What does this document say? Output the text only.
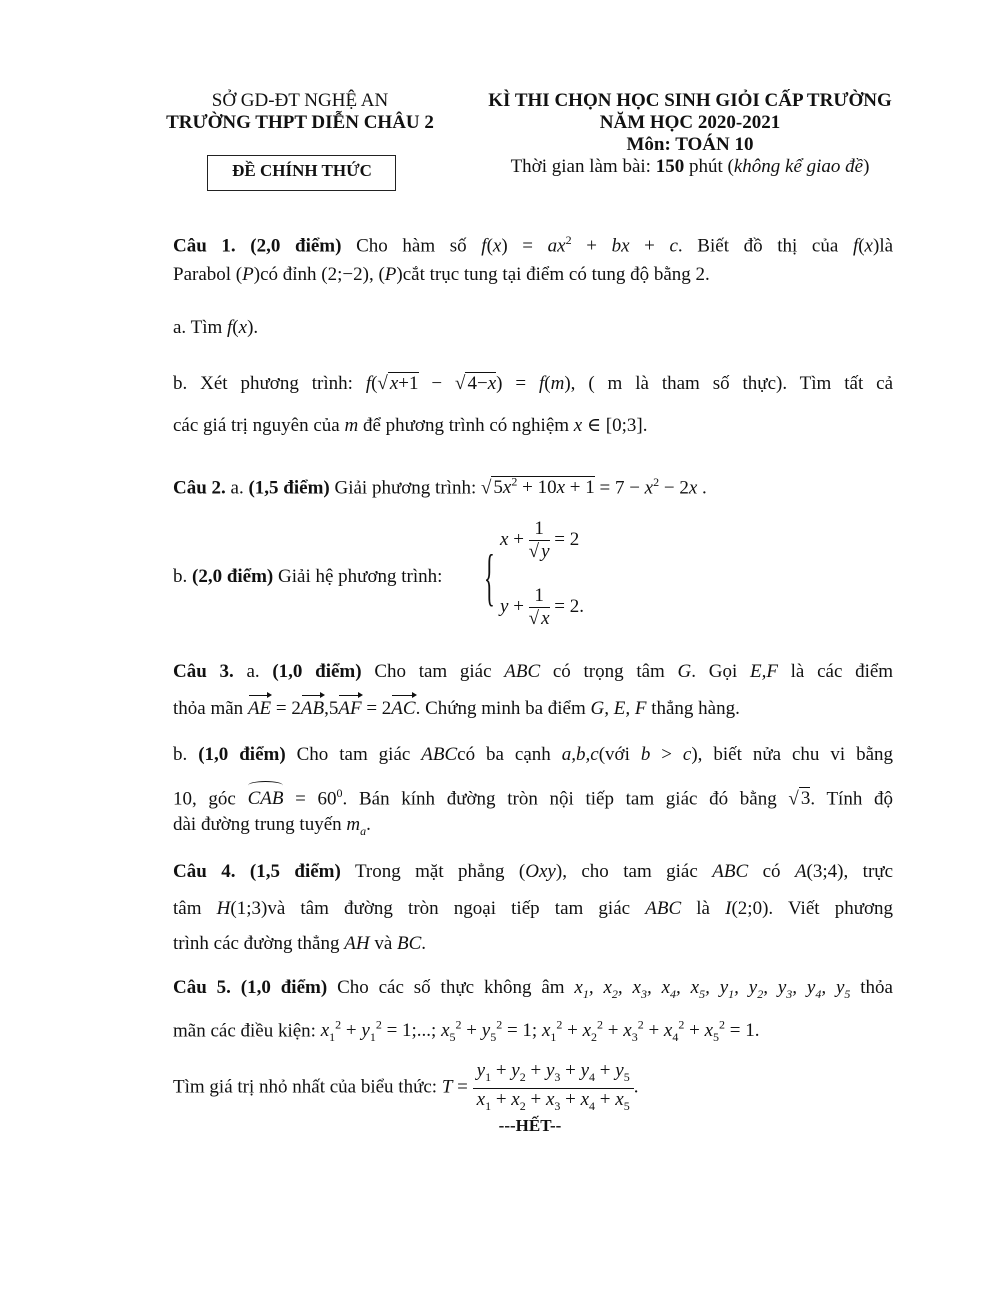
SỞ GD-ĐT NGHỆ AN
TRƯỜNG THPT DIỄN CHÂU 2
ĐỀ CHÍNH THỨC
KÌ THI CHỌN HỌC SINH GIỎI CẤP TRƯỜNG
NĂM HỌC 2020-2021
Môn: TOÁN 10
Thời gian làm bài: 150 phút (không kể giao đề)
Câu 1. (2,0 điểm) Cho hàm số $f(x) = ax^2$ + bx + c. Biết đồ thị của f(x)là
Parabol (P)có đỉnh (2;−2), (P)cắt trục tung tại điểm có tung độ bằng 2.
a. Tìm f(x).
b. Xét phương trình: f(√ x+1 − √ 4−x) = f(m), ( m là tham số thực). Tìm tất cả
các giá trị nguyên của m để phương trình có nghiệm x ∈ [0;3].
Câu 2. a. (1,5 điểm) Giải phương trình: √ $5x^2 + 10x + 1 = 7 - x^2 - 2x$ .
b. (2,0 điểm) Giải hệ phương trình: {
$x + \frac{1}{√ y} = 2$
$y + \frac{1}{√ x} = 2$.
Câu 3. a. (1,0 điểm) Cho tam giác ABC có trọng tâm G. Gọi E,F là các điểm
thỏa mãn AE = 2AB,5AF = 2AC. Chứng minh ba điểm G, E, F thẳng hàng.
b. (1,0 điểm) Cho tam giác ABCcó ba cạnh a,b,c(với b > c), biết nửa chu vi bằng
10, góc CAB = $60^0$. Bán kính đường tròn nội tiếp tam giác đó bằng √ 3. Tính độ
dài đường trung tuyến $m_a$.
Câu 4. (1,5 điểm) Trong mặt phẳng (Oxy), cho tam giác ABC có A(3;4), trực
tâm H(1;3)và tâm đường tròn ngoại tiếp tam giác ABC là I(2;0). Viết phương
trình các đường thẳng AH và BC.
Câu 5. (1,0 điểm) Cho các số thực không âm $x_1$, $x_2$, $x_3$, $x_4$, $x_5$, $y_1$, $y_2$, $y_3$, $y_4$, $y_5$ thỏa
mãn các điều kiện: $x_1^2 + y_1^2 = 1$;...; $x_5^2 + y_5^2 = 1$; $x_1^2 + x_2^2 + x_3^2 + x_4^2 + x_5^2 = 1$.
Tìm giá trị nhỏ nhất của biểu thức: $T = \frac{y_1 + y_2 + y_3 + y_4 + y_5}{x_1 + x_2 + x_3 + x_4 + x_5}$ .
---HẾT--
